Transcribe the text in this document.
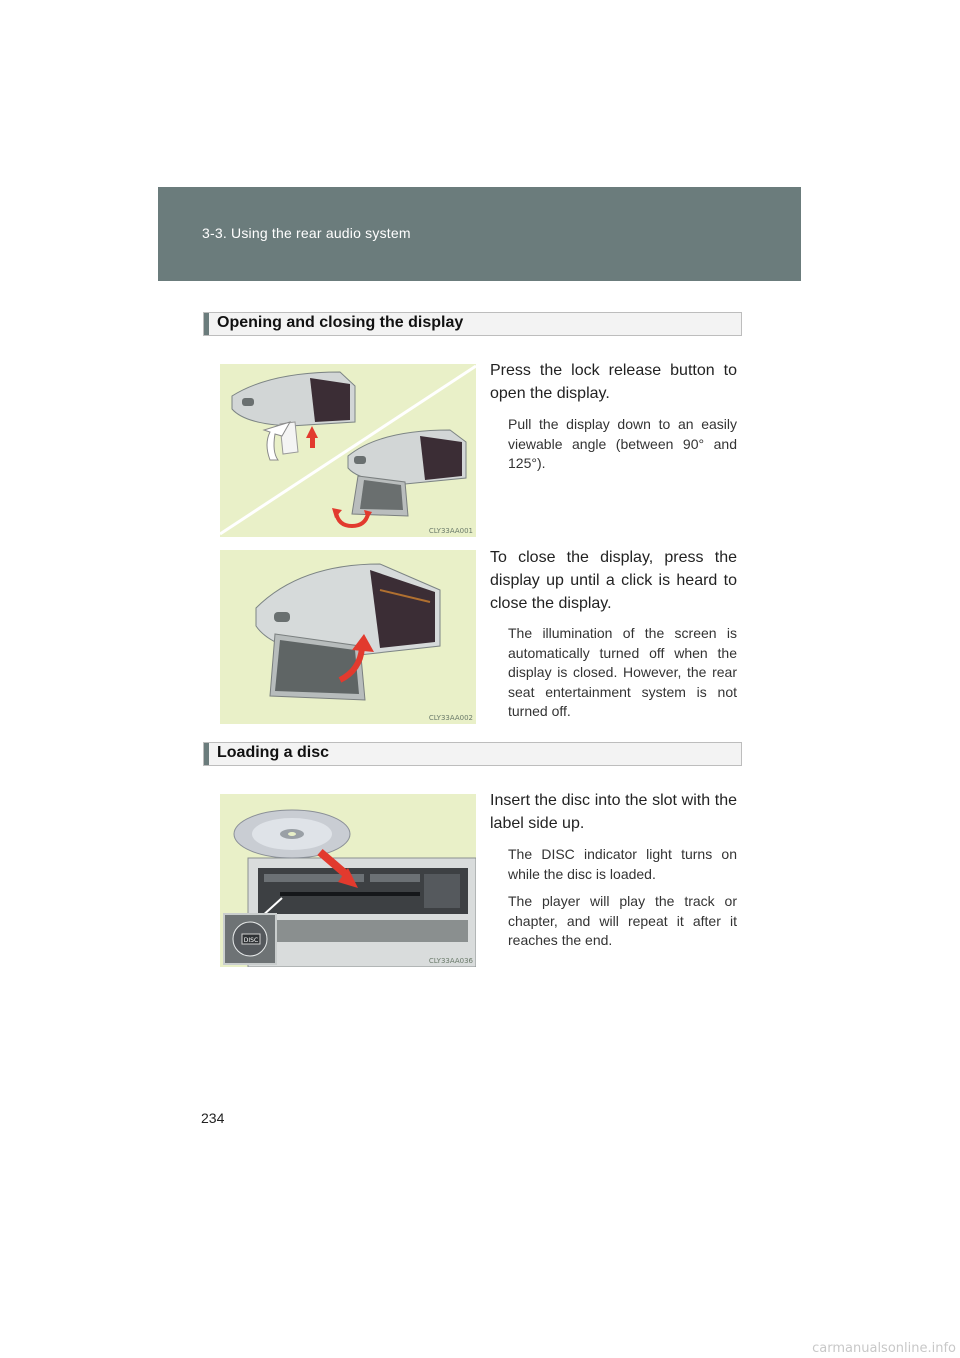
3-3. Using the rear audio system
Opening and closing the display
CLY33AA001
Press the lock release button to open the display.
Pull the display down to an easily viewable angle (between 90° and 125°).
CLY33AA002
To close the display, press the display up until a click is heard to close the display.
The illumination of the screen is automatically turned off when the display is closed. However, the rear seat entertainment system is not turned off.
Loading a disc
DISC
CLY33AA036
Insert the disc into the slot with the label side up.
The DISC indicator light turns on while the disc is loaded.
The player will play the track or chapter, and will repeat it after it reaches the end.
234
carmanualsonline.info
